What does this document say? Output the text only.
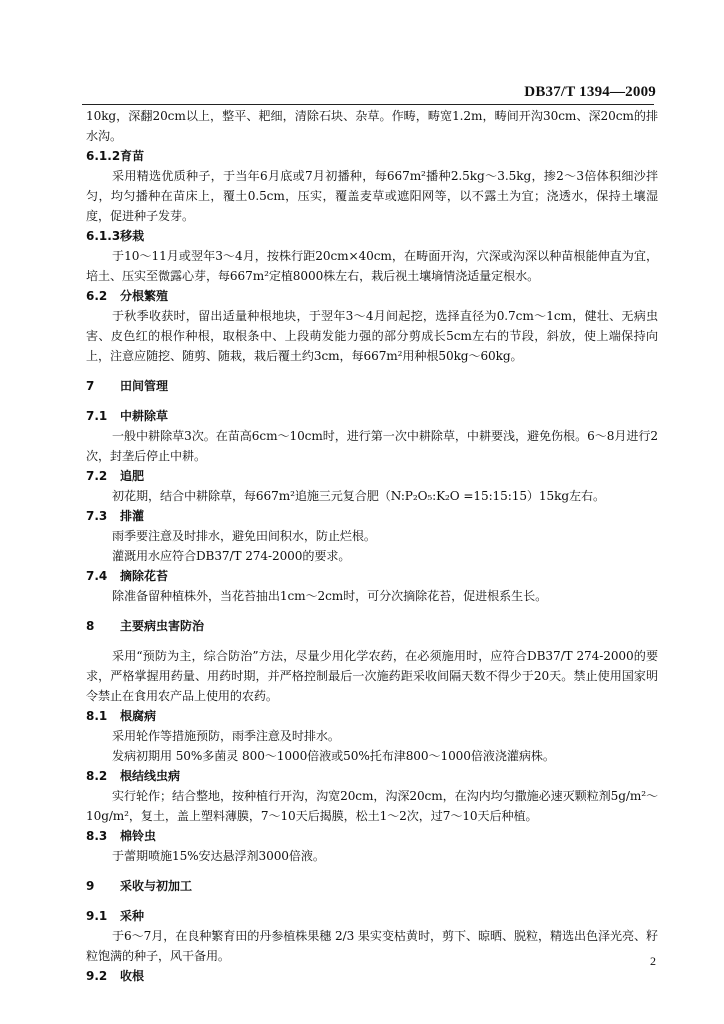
DB37/T 1394—2009

10kg，深翻20cm以上，整平、耙细，清除石块、杂草。作畴，畴宽1.2m，畴间开沟30cm、深20cm的排水沟。

6.1.2育苗

采用精选优质种子，于当年6月底或7月初播种，每667m²播种2.5kg～3.5kg，掺2～3倍体积细沙拌匀，均匀播种在苗床上，覆土0.5cm，压实，覆盖麦草或遮阳网等，以不露土为宜；浇透水，保持土壤湿度，促进种子发芽。

6.1.3移栽

于10～11月或翌年3～4月，按株行距20cm×40cm，在畴面开沟，穴深或沟深以种苗根能伸直为宜，培土、压实至微露心芽，每667m²定植8000株左右，栽后视土壤墒情浇适量定根水。

6.2 分根繁殖

于秋季收获时，留出适量种根地块，于翌年3～4月间起挖，选择直径为0.7cm～1cm，健壮、无病虫害、皮色红的根作种根，取根条中、上段萌发能力强的部分剪成长5cm左右的节段，斜放，使上端保持向上，注意应随挖、随剪、随栽，栽后覆土约3cm，每667m²用种根50kg～60kg。

7 田间管理
7.1 中耕除草

一般中耕除草3次。在苗高6cm～10cm时，进行第一次中耕除草，中耕要浅，避免伤根。6～8月进行2次，封垄后停止中耕。

7.2 追肥

初花期，结合中耕除草，每667m²追施三元复合肥（N:P₂O₅:K₂O =15:15:15）15kg左右。

7.3 排灌

雨季要注意及时排水，避免田间积水，防止烂根。

灌溉用水应符合DB37/T 274-2000的要求。

7.4 摘除花苔

除准备留种植株外，当花苔抽出1cm～2cm时，可分次摘除花苔，促进根系生长。

8 主要病虫害防治

采用“预防为主，综合防治”方法，尽量少用化学农药，在必须施用时，应符合DB37/T 274-2000的要求，严格掌握用药量、用药时期，并严格控制最后一次施药距采收间隔天数不得少于20天。禁止使用国家明令禁止在食用农产品上使用的农药。

8.1 根腐病

采用轮作等措施预防，雨季注意及时排水。

发病初期用 50%多菌灵 800～1000倍液或50%托布津800～1000倍液浇灌病株。

8.2 根结线虫病

实行轮作；结合整地，按种植行开沟，沟宽20cm，沟深20cm，在沟内均匀撒施必速灭颗粒剂5g/m²～10g/m²，复土，盖上塑料薄膜，7～10天后揭膜，松土1～2次，过7～10天后种植。

8.3 棉铃虫

于蕾期喷施15%安达悬浮剂3000倍液。

9 采收与初加工
9.1 采种

于6～7月，在良种繁育田的丹参植株果穗 2/3 果实变枯黄时，剪下、晾晒、脱粒，精选出色泽光亮、籽粒饱满的种子，风干备用。

9.2 收根
2
